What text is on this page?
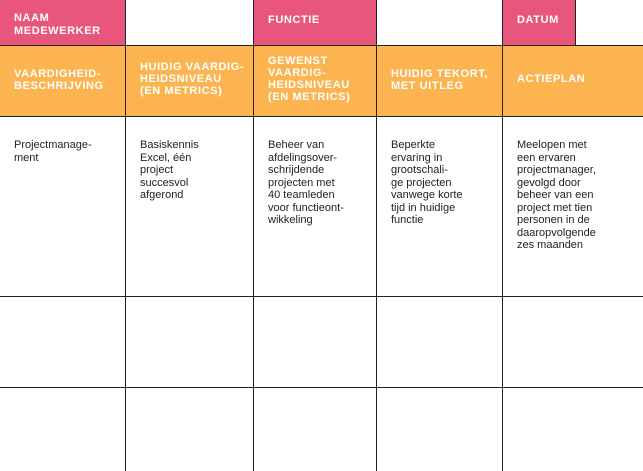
NAAM
MEDEWERKER
FUNCTIE	DATUM
VAARDIGHEID-
BESCHRIJVING
HUIDIG VAARDIG-
HEIDSNIVEAU
(EN METRICS)
GEWENST
VAARDIG-
HEIDSNIVEAU
(EN METRICS)
HUIDIG TEKORT,
MET UITLEG
ACTIEPLAN
Projectmanage-
ment
Basiskennis
Excel, één
project
succesvol
afgerond
Beheer van
afdelingsover-
schrijdende
projecten met
40 teamleden
voor functieont-
wikkeling
Beperkte
ervaring in
grootschali-
ge projecten
vanwege korte
tijd in huidige
functie
Meelopen met
een ervaren
projectmanager,
gevolgd door
beheer van een
project met tien
personen in de
daaropvolgende
zes maanden
